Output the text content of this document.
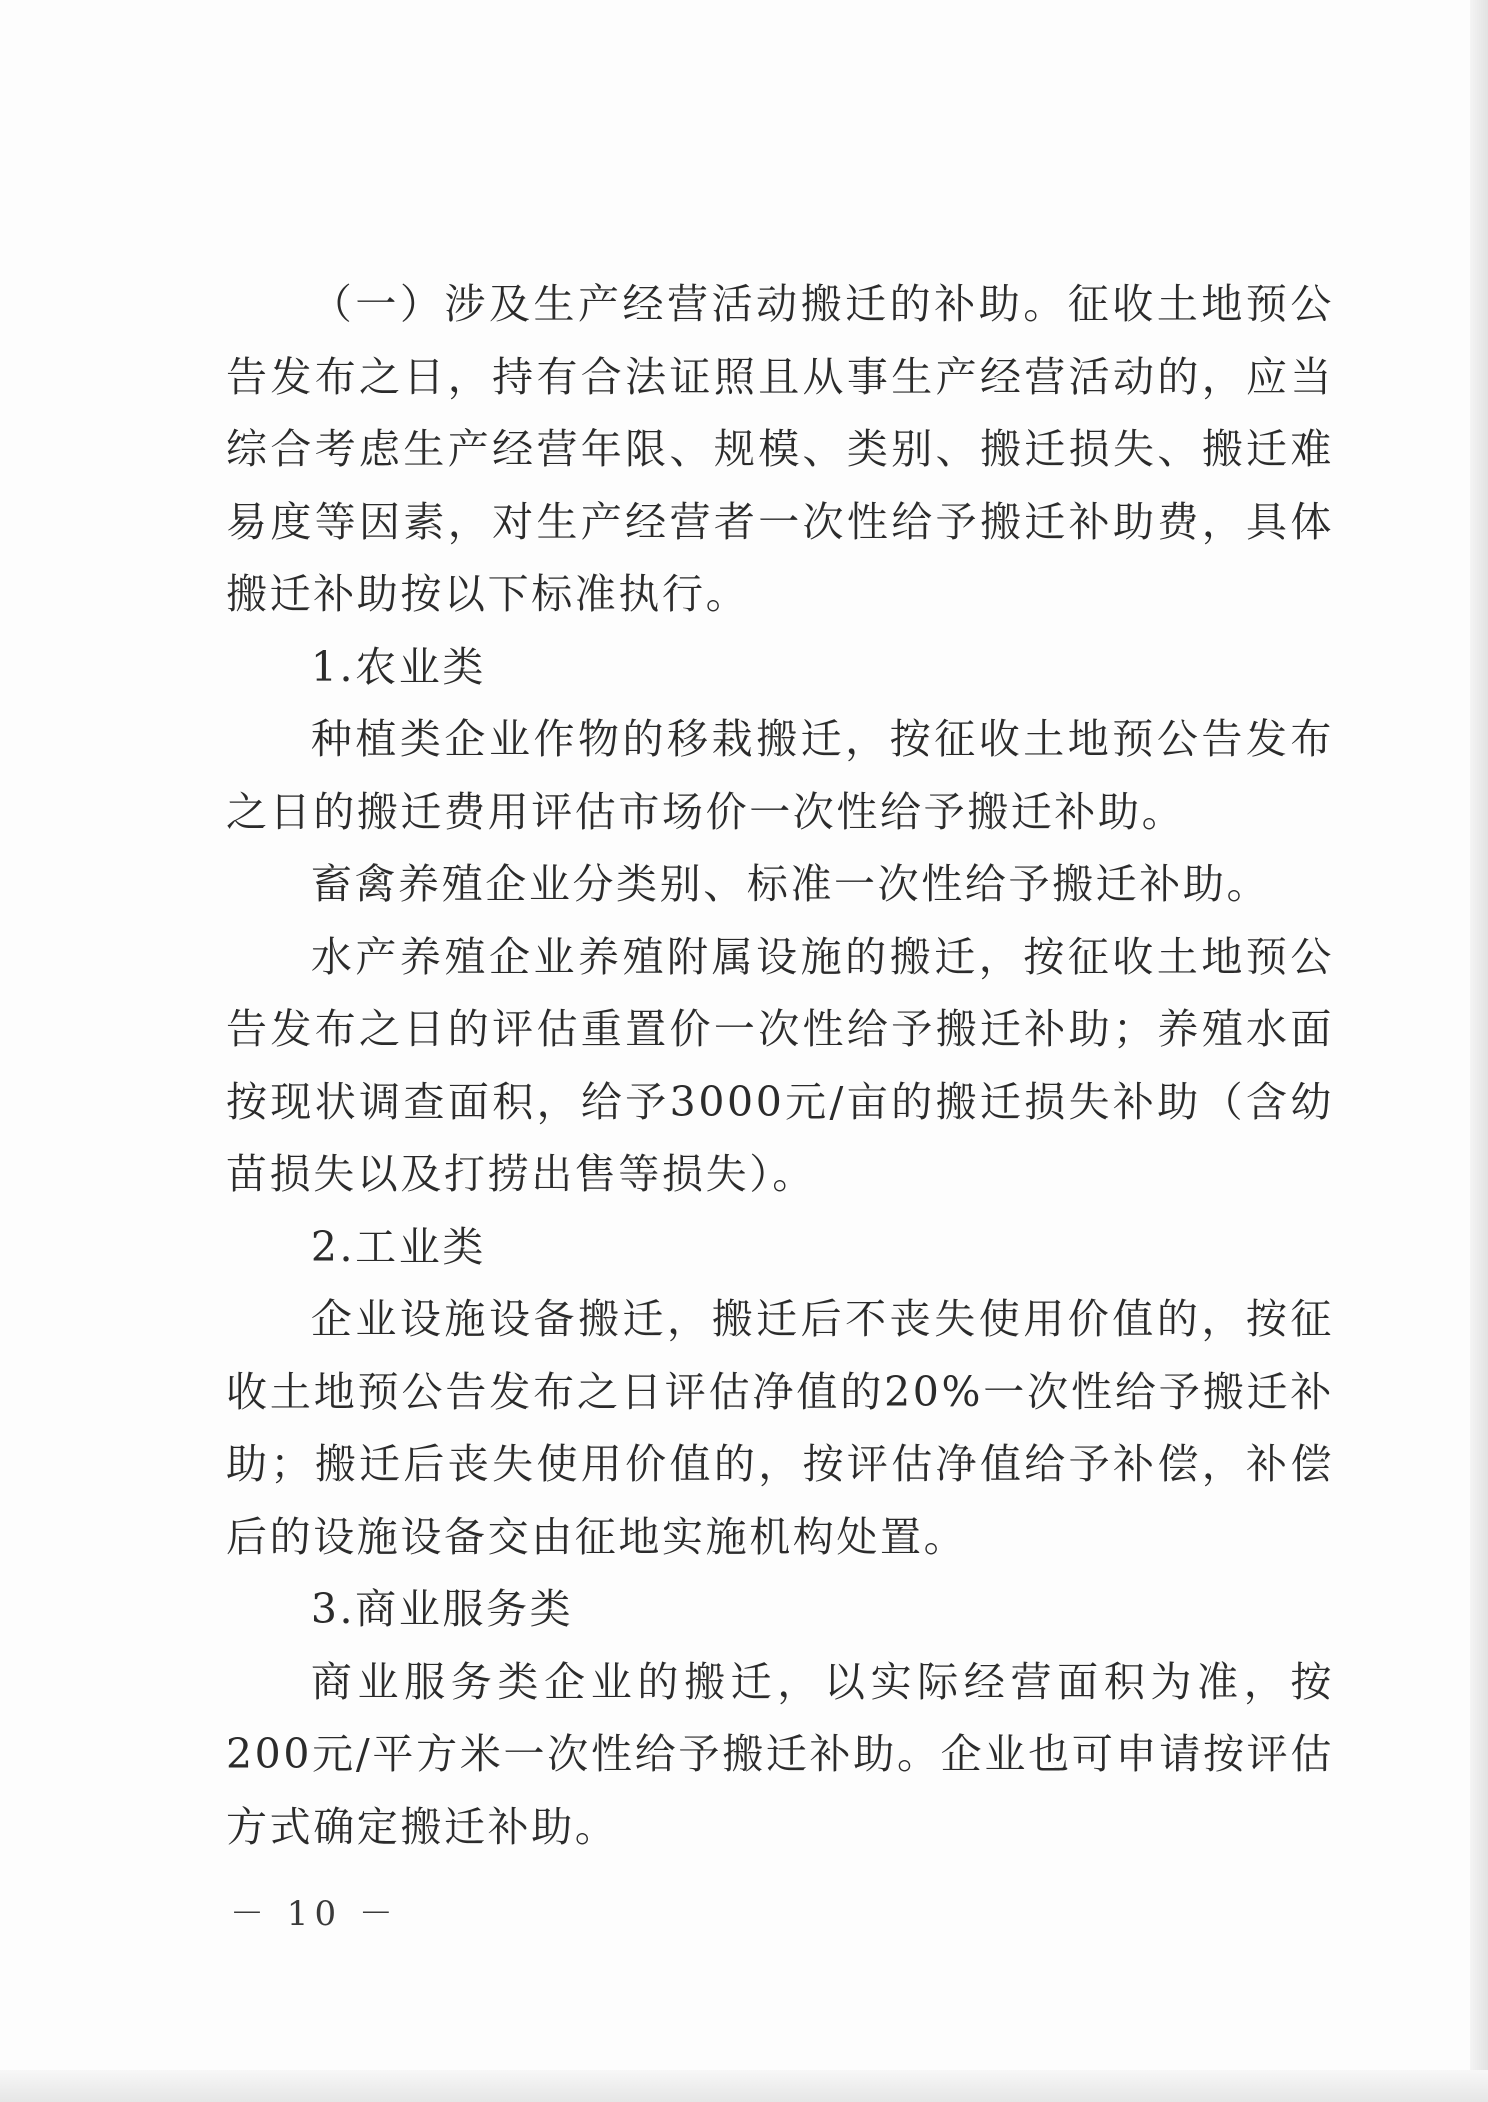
（一）涉及生产经营活动搬迁的补助。征收土地预公告发布之日，持有合法证照且从事生产经营活动的，应当综合考虑生产经营年限、规模、类别、搬迁损失、搬迁难易度等因素，对生产经营者一次性给予搬迁补助费，具体搬迁补助按以下标准执行。

1.农业类

种植类企业作物的移栽搬迁，按征收土地预公告发布之日的搬迁费用评估市场价一次性给予搬迁补助。

畜禽养殖企业分类别、标准一次性给予搬迁补助。

水产养殖企业养殖附属设施的搬迁，按征收土地预公告发布之日的评估重置价一次性给予搬迁补助；养殖水面按现状调查面积，给予3000元/亩的搬迁损失补助（含幼苗损失以及打捞出售等损失）。

2.工业类

企业设施设备搬迁，搬迁后不丧失使用价值的，按征收土地预公告发布之日评估净值的20%一次性给予搬迁补助；搬迁后丧失使用价值的，按评估净值给予补偿，补偿后的设施设备交由征地实施机构处置。

3.商业服务类

商业服务类企业的搬迁，以实际经营面积为准，按200元/平方米一次性给予搬迁补助。企业也可申请按评估方式确定搬迁补助。

－ 10 －
